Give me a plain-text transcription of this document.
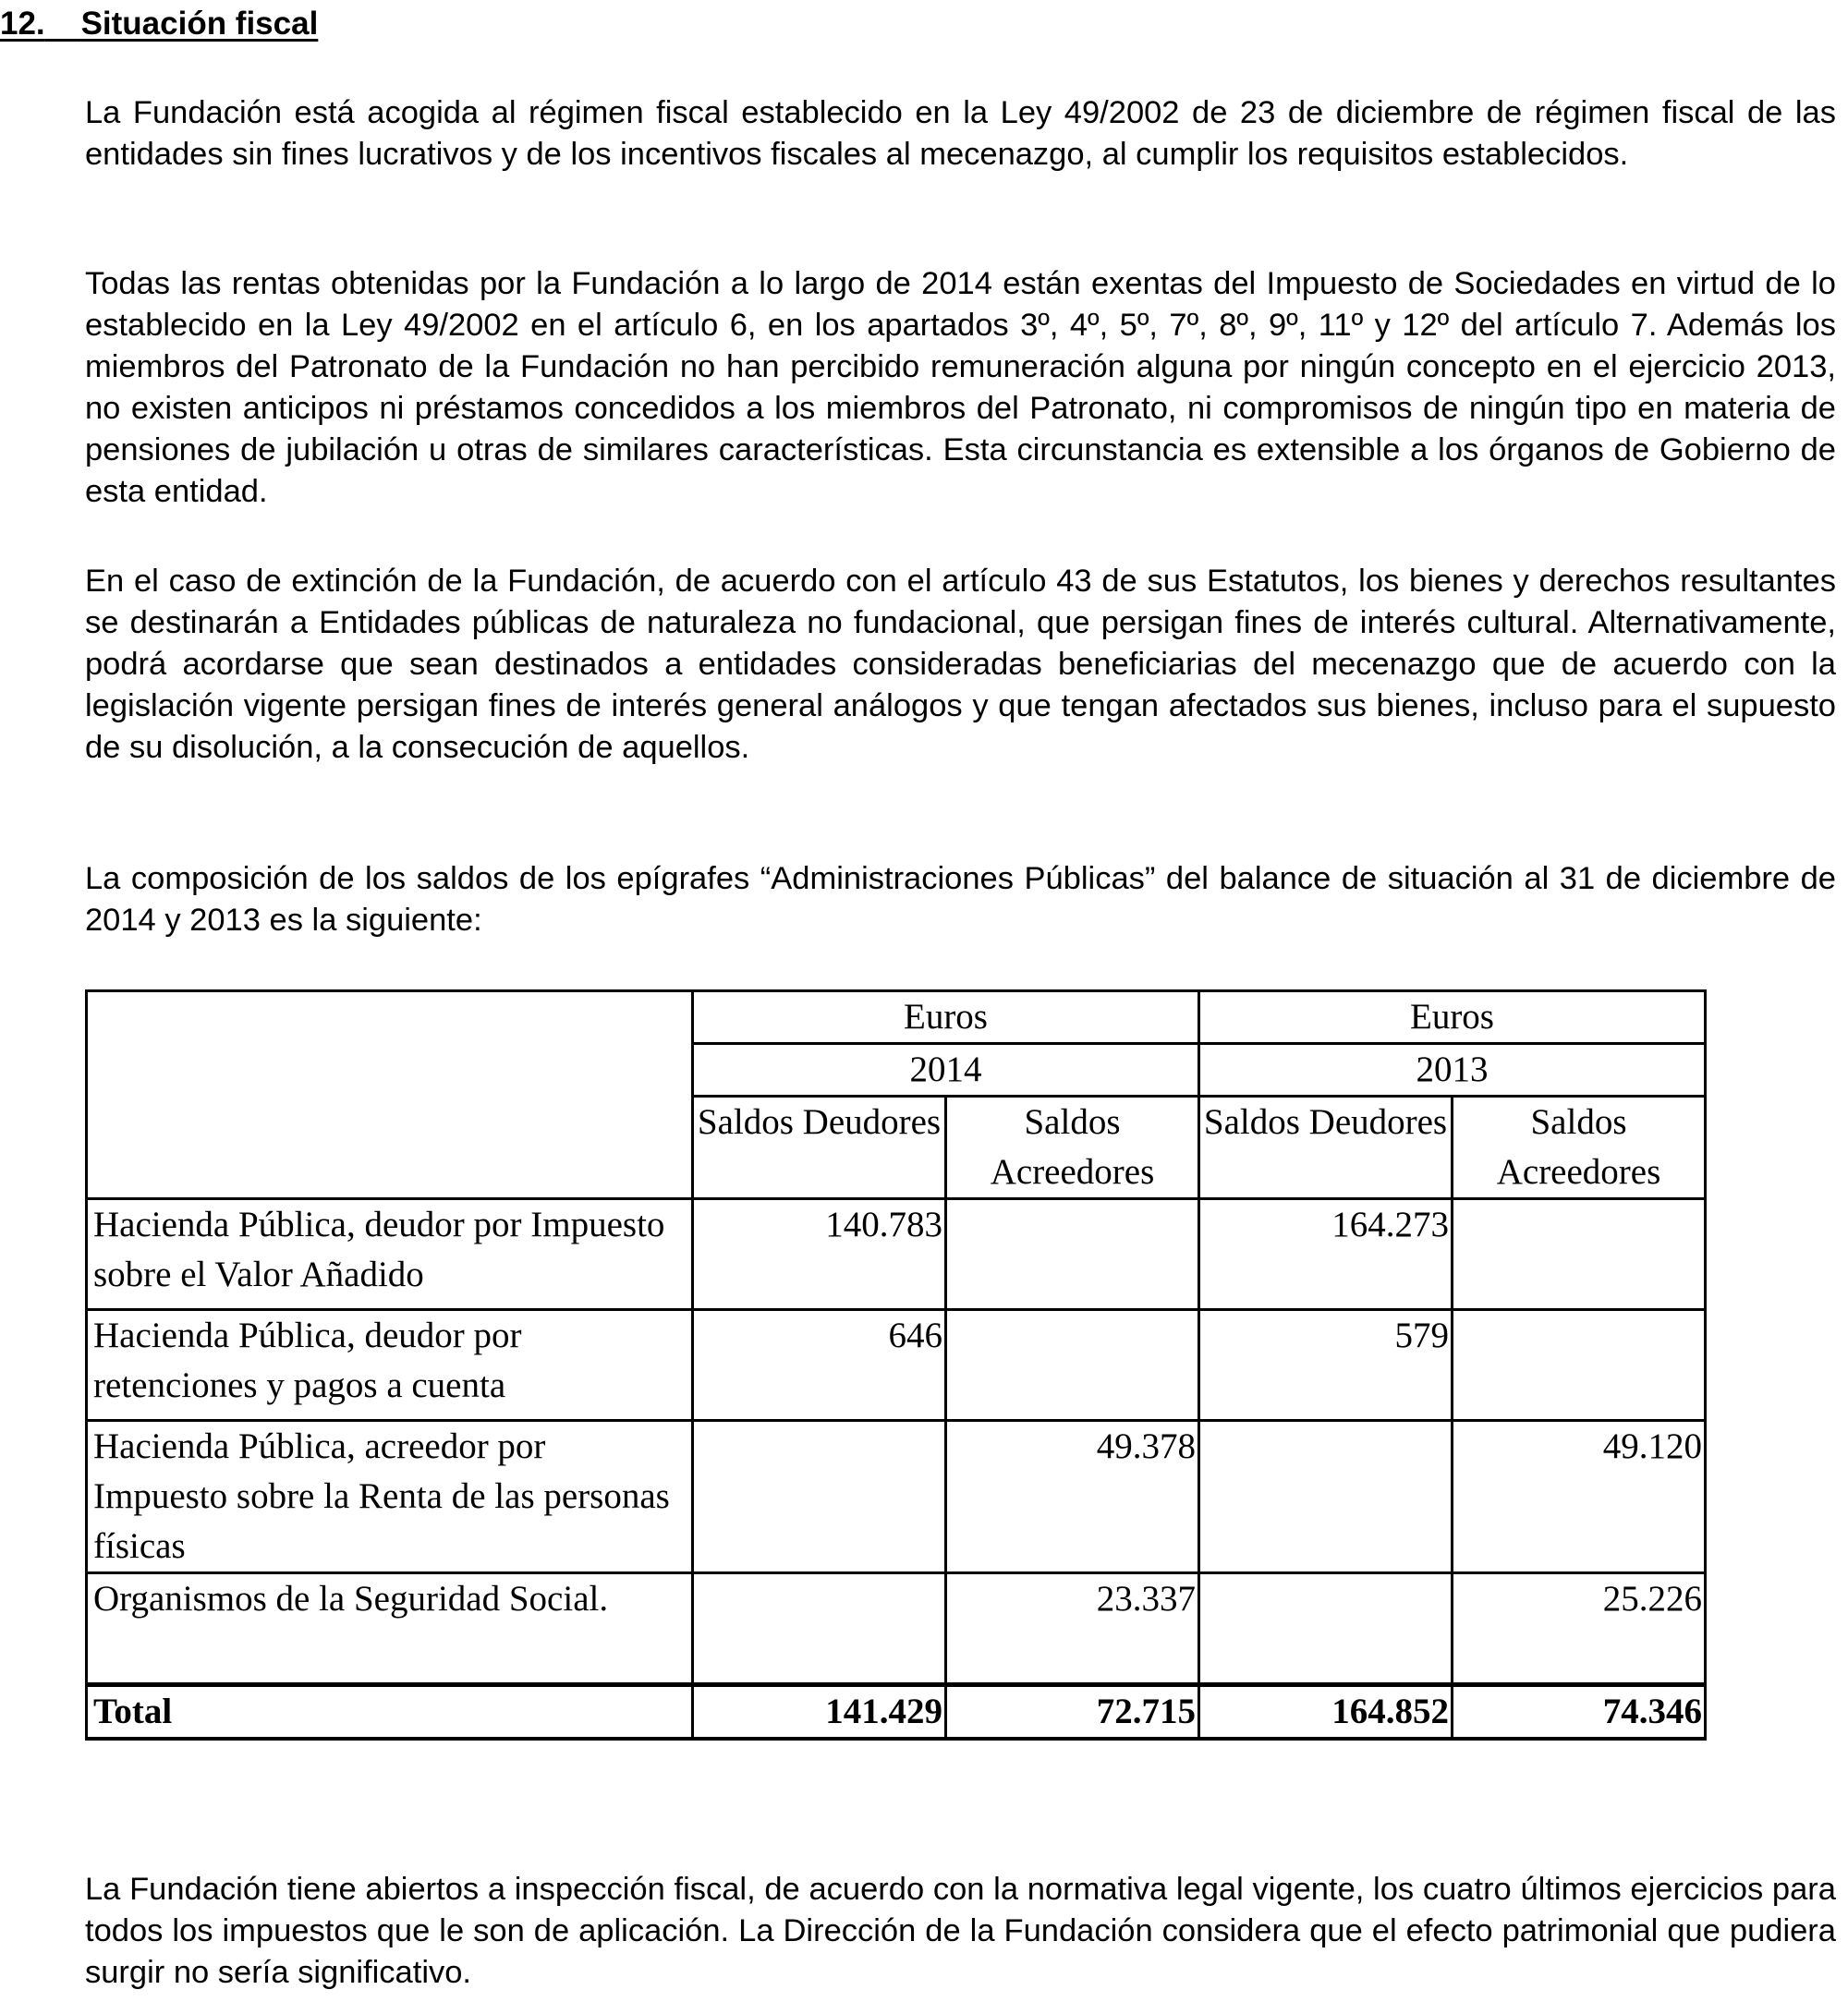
12. Situación fiscal

La Fundación está acogida al régimen fiscal establecido en la Ley 49/2002 de 23 de diciembre de régimen fiscal de las entidades sin fines lucrativos y de los incentivos fiscales al mecenazgo, al cumplir los requisitos establecidos.

Todas las rentas obtenidas por la Fundación a lo largo de 2014 están exentas del Impuesto de Sociedades en virtud de lo establecido en la Ley 49/2002 en el artículo 6, en los apartados 3º, 4º, 5º, 7º, 8º, 9º, 11º y 12º del artículo 7. Además los miembros del Patronato de la Fundación no han percibido remuneración alguna por ningún concepto en el ejercicio 2013, no existen anticipos ni préstamos concedidos a los miembros del Patronato, ni compromisos de ningún tipo en materia de pensiones de jubilación u otras de similares características. Esta circunstancia es extensible a los órganos de Gobierno de esta entidad.

En el caso de extinción de la Fundación, de acuerdo con el artículo 43 de sus Estatutos, los bienes y derechos resultantes se destinarán a Entidades públicas de naturaleza no fundacional, que persigan fines de interés cultural. Alternativamente, podrá acordarse que sean destinados a entidades consideradas beneficiarias del mecenazgo que de acuerdo con la legislación vigente persigan fines de interés general análogos y que tengan afectados sus bienes, incluso para el supuesto de su disolución, a la consecución de aquellos.

La composición de los saldos de los epígrafes “Administraciones Públicas” del balance de situación al 31 de diciembre de 2014 y 2013 es la siguiente:

	Euros		Euros	
	2014		2013	
	Saldos Deudores	Saldos Acreedores	Saldos Deudores	Saldos Acreedores
Hacienda Pública, deudor por Impuesto sobre el Valor Añadido	140.783		164.273	
Hacienda Pública, deudor por retenciones y pagos a cuenta	646		579	
Hacienda Pública, acreedor por Impuesto sobre la Renta de las personas físicas		49.378		49.120
Organismos de la Seguridad Social.		23.337		25.226
Total	141.429	72.715	164.852	74.346

La Fundación tiene abiertos a inspección fiscal, de acuerdo con la normativa legal vigente, los cuatro últimos ejercicios para todos los impuestos que le son de aplicación. La Dirección de la Fundación considera que el efecto patrimonial que pudiera surgir no sería significativo.
